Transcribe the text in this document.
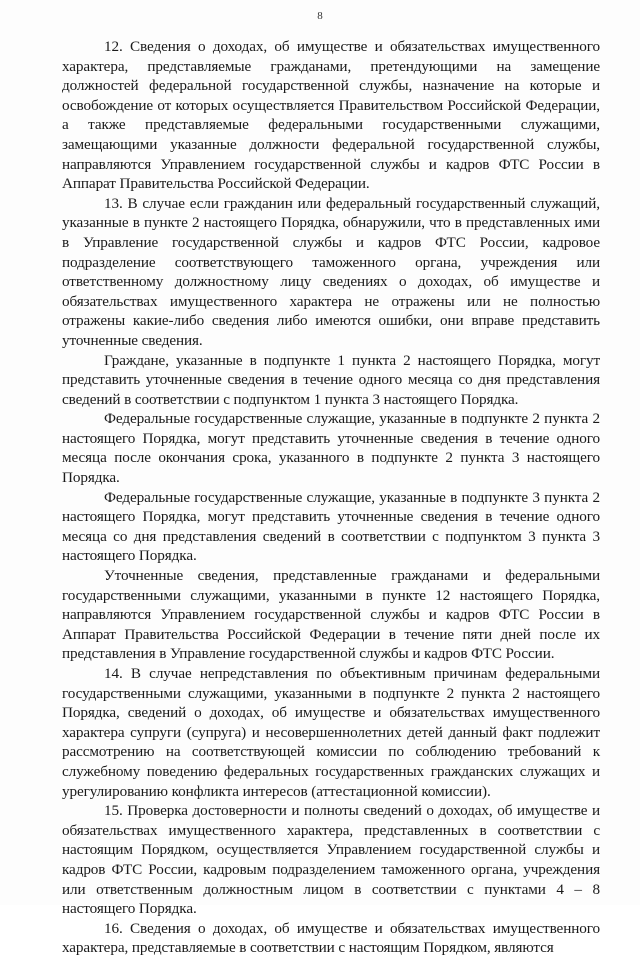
8

12. Сведения о доходах, об имуществе и обязательствах имущественного характера, представляемые гражданами, претендующими на замещение должностей федеральной государственной службы, назначение на которые и освобождение от которых осуществляется Правительством Российской Федерации, а также представляемые федеральными государственными служащими, замещающими указанные должности федеральной государственной службы, направляются Управлением государственной службы и кадров ФТС России в Аппарат Правительства Российской Федерации.

13. В случае если гражданин или федеральный государственный служащий, указанные в пункте 2 настоящего Порядка, обнаружили, что в представленных ими в Управление государственной службы и кадров ФТС России, кадровое подразделение соответствующего таможенного органа, учреждения или ответственному должностному лицу сведениях о доходах, об имуществе и обязательствах имущественного характера не отражены или не полностью отражены какие-либо сведения либо имеются ошибки, они вправе представить уточненные сведения.

Граждане, указанные в подпункте 1 пункта 2 настоящего Порядка, могут представить уточненные сведения в течение одного месяца со дня представления сведений в соответствии с подпунктом 1 пункта 3 настоящего Порядка.

Федеральные государственные служащие, указанные в подпункте 2 пункта 2 настоящего Порядка, могут представить уточненные сведения в течение одного месяца после окончания срока, указанного в подпункте 2 пункта 3 настоящего Порядка.

Федеральные государственные служащие, указанные в подпункте 3 пункта 2 настоящего Порядка, могут представить уточненные сведения в течение одного месяца со дня представления сведений в соответствии с подпунктом 3 пункта 3 настоящего Порядка.

Уточненные сведения, представленные гражданами и федеральными государственными служащими, указанными в пункте 12 настоящего Порядка, направляются Управлением государственной службы и кадров ФТС России в Аппарат Правительства Российской Федерации в течение пяти дней после их представления в Управление государственной службы и кадров ФТС России.

14. В случае непредставления по объективным причинам федеральными государственными служащими, указанными в подпункте 2 пункта 2 настоящего Порядка, сведений о доходах, об имуществе и обязательствах имущественного характера супруги (супруга) и несовершеннолетних детей данный факт подлежит рассмотрению на соответствующей комиссии по соблюдению требований к служебному поведению федеральных государственных гражданских служащих и урегулированию конфликта интересов (аттестационной комиссии).

15. Проверка достоверности и полноты сведений о доходах, об имуществе и обязательствах имущественного характера, представленных в соответствии с настоящим Порядком, осуществляется Управлением государственной службы и кадров ФТС России, кадровым подразделением таможенного органа, учреждения или ответственным должностным лицом в соответствии с пунктами 4 – 8 настоящего Порядка.

16. Сведения о доходах, об имуществе и обязательствах имущественного характера, представляемые в соответствии с настоящим Порядком, являются
